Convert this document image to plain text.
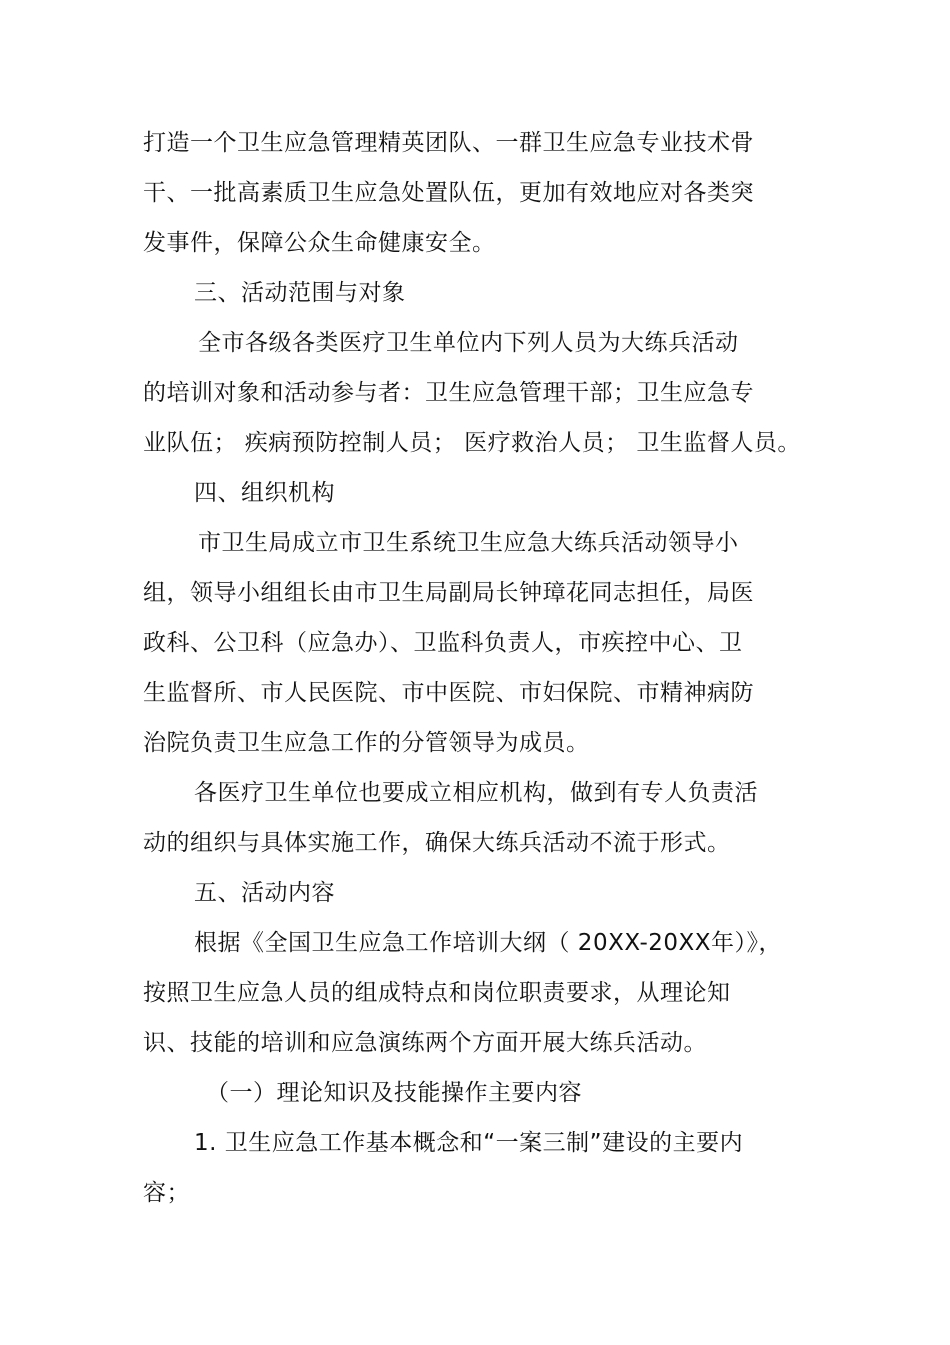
打造一个卫生应急管理精英团队、一群卫生应急专业技术骨
干、一批高素质卫生应急处置队伍，更加有效地应对各类突
发事件，保障公众生命健康安全。
三、活动范围与对象
全市各级各类医疗卫生单位内下列人员为大练兵活动
的培训对象和活动参与者：卫生应急管理干部；卫生应急专
业队伍； 疾病预防控制人员； 医疗救治人员； 卫生监督人员。
四、组织机构
市卫生局成立市卫生系统卫生应急大练兵活动领导小
组，领导小组组长由市卫生局副局长钟璋花同志担任，局医
政科、公卫科（应急办）、卫监科负责人，市疾控中心、卫
生监督所、市人民医院、市中医院、市妇保院、市精神病防
治院负责卫生应急工作的分管领导为成员。
各医疗卫生单位也要成立相应机构，做到有专人负责活
动的组织与具体实施工作，确保大练兵活动不流于形式。
五、活动内容
根据《全国卫生应急工作培训大纲（ 20XX-20XX年）》，
按照卫生应急人员的组成特点和岗位职责要求，从理论知
识、技能的培训和应急演练两个方面开展大练兵活动。
（一）理论知识及技能操作主要内容
1. 卫生应急工作基本概念和“一案三制”建设的主要内
容；
